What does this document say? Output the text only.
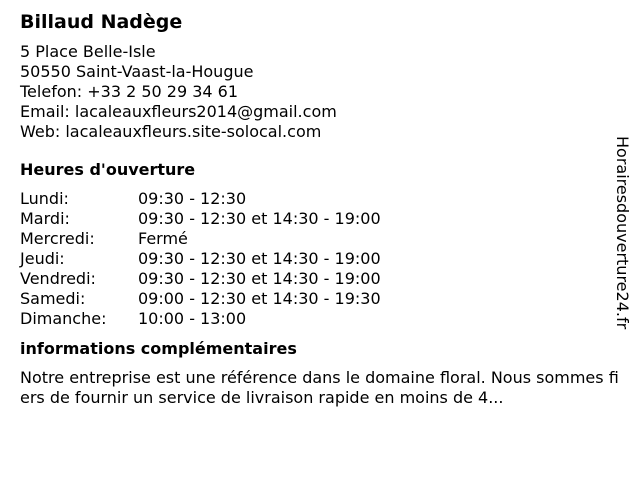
Billaud Nadège
5 Place Belle-Isle
50550 Saint-Vaast-la-Hougue
Telefon: +33 2 50 29 34 61
Email: lacaleauxfleurs2014@gmail.com
Web: lacaleauxfleurs.site-solocal.com
Heures d'ouverture
Lundi:	09:30 - 12:30
Mardi:	09:30 - 12:30 et 14:30 - 19:00
Mercredi:	Fermé
Jeudi:	09:30 - 12:30 et 14:30 - 19:00
Vendredi:	09:30 - 12:30 et 14:30 - 19:00
Samedi:	09:00 - 12:30 et 14:30 - 19:30
Dimanche:	10:00 - 13:00
informations complémentaires
Notre entreprise est une référence dans le domaine floral. Nous sommes fiers de fournir un service de livraison rapide en moins de 4...
Horairesdouverture24.fr
